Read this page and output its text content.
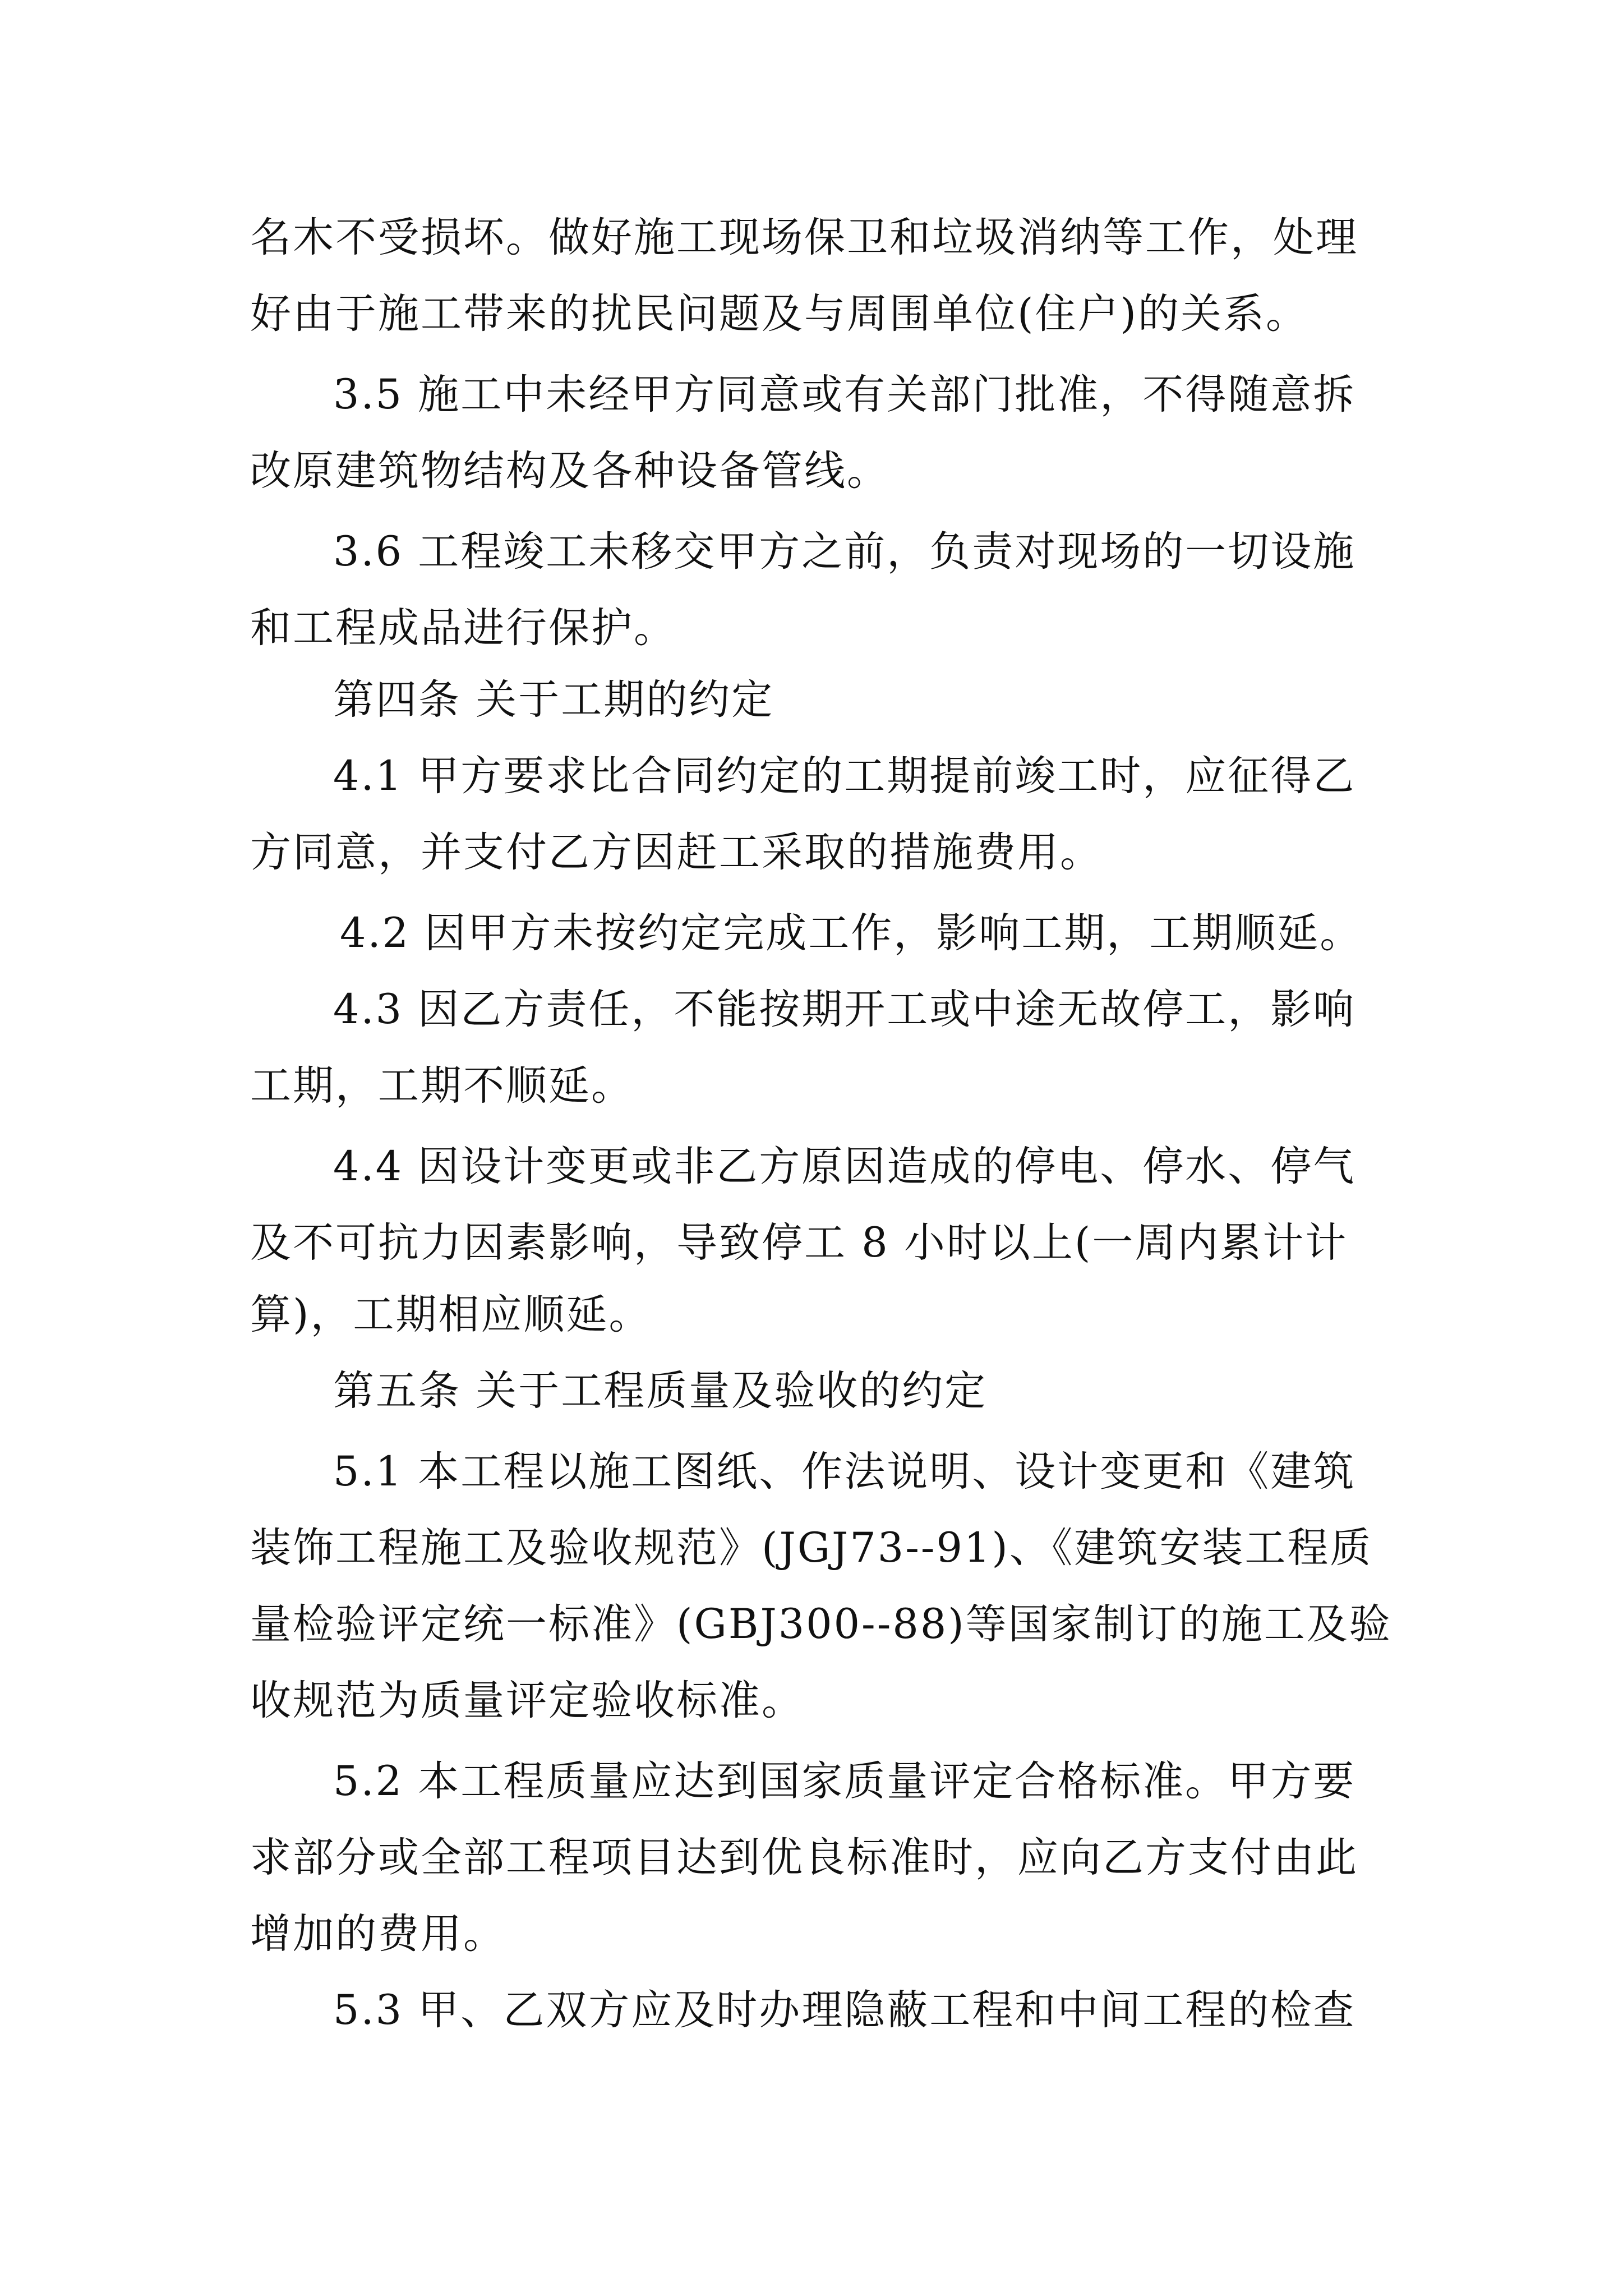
名木不受损坏。做好施工现场保卫和垃圾消纳等工作，处理
好由于施工带来的扰民问题及与周围单位(住户)的关系。
3.5 施工中未经甲方同意或有关部门批准，不得随意拆
改原建筑物结构及各种设备管线。
3.6 工程竣工未移交甲方之前，负责对现场的一切设施
和工程成品进行保护。
第四条 关于工期的约定
4.1 甲方要求比合同约定的工期提前竣工时，应征得乙
方同意，并支付乙方因赶工采取的措施费用。
4.2 因甲方未按约定完成工作，影响工期，工期顺延。
4.3 因乙方责任，不能按期开工或中途无故停工，影响
工期，工期不顺延。
4.4 因设计变更或非乙方原因造成的停电、停水、停气
及不可抗力因素影响，导致停工 8 小时以上(一周内累计计
算)，工期相应顺延。
第五条 关于工程质量及验收的约定
5.1 本工程以施工图纸、作法说明、设计变更和《建筑
装饰工程施工及验收规范》(JGJ73--91)、《建筑安装工程质
量检验评定统一标准》(GBJ300--88)等国家制订的施工及验
收规范为质量评定验收标准。
5.2 本工程质量应达到国家质量评定合格标准。甲方要
求部分或全部工程项目达到优良标准时，应向乙方支付由此
增加的费用。
5.3 甲、乙双方应及时办理隐蔽工程和中间工程的检查
